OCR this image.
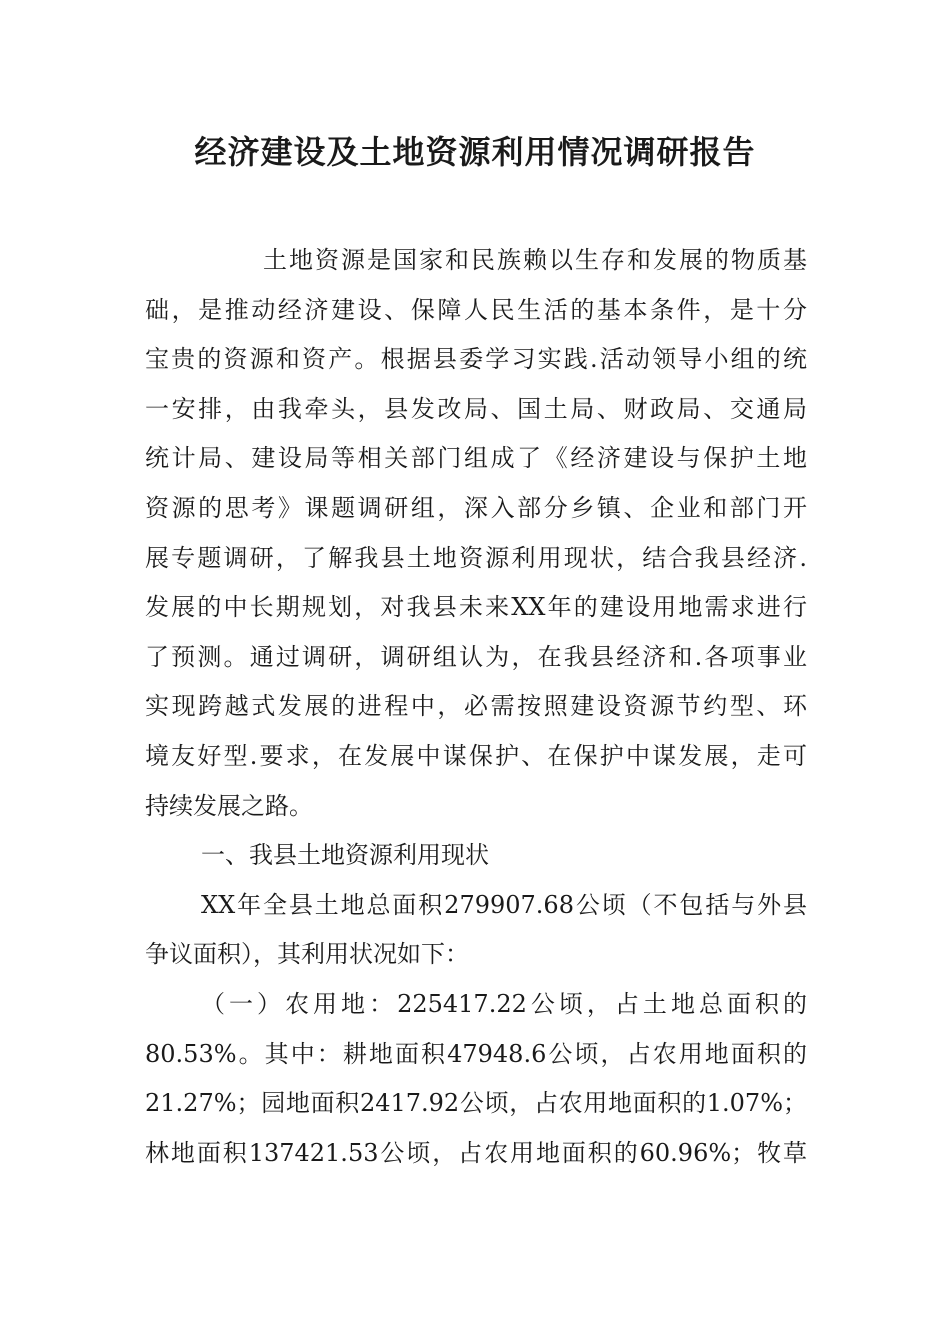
经济建设及土地资源利用情况调研报告
土地资源是国家和民族赖以生存和发展的物质基
础，是推动经济建设、保障人民生活的基本条件，是十分
宝贵的资源和资产。根据县委学习实践.活动领导小组的统
一安排，由我牵头，县发改局、国土局、财政局、交通局
统计局、建设局等相关部门组成了《经济建设与保护土地
资源的思考》课题调研组，深入部分乡镇、企业和部门开
展专题调研，了解我县土地资源利用现状，结合我县经济.
发展的中长期规划，对我县未来XX年的建设用地需求进行
了预测。通过调研，调研组认为，在我县经济和.各项事业
实现跨越式发展的进程中，必需按照建设资源节约型、环
境友好型.要求，在发展中谋保护、在保护中谋发展，走可
持续发展之路。
一、我县土地资源利用现状
XX年全县土地总面积279907.68公顷（不包括与外县
争议面积），其利用状况如下：
（一）农用地：225417.22公顷，占土地总面积的
80.53%。其中：耕地面积47948.6公顷，占农用地面积的
21.27%；园地面积2417.92公顷，占农用地面积的1.07%；
林地面积137421.53公顷，占农用地面积的60.96%；牧草
